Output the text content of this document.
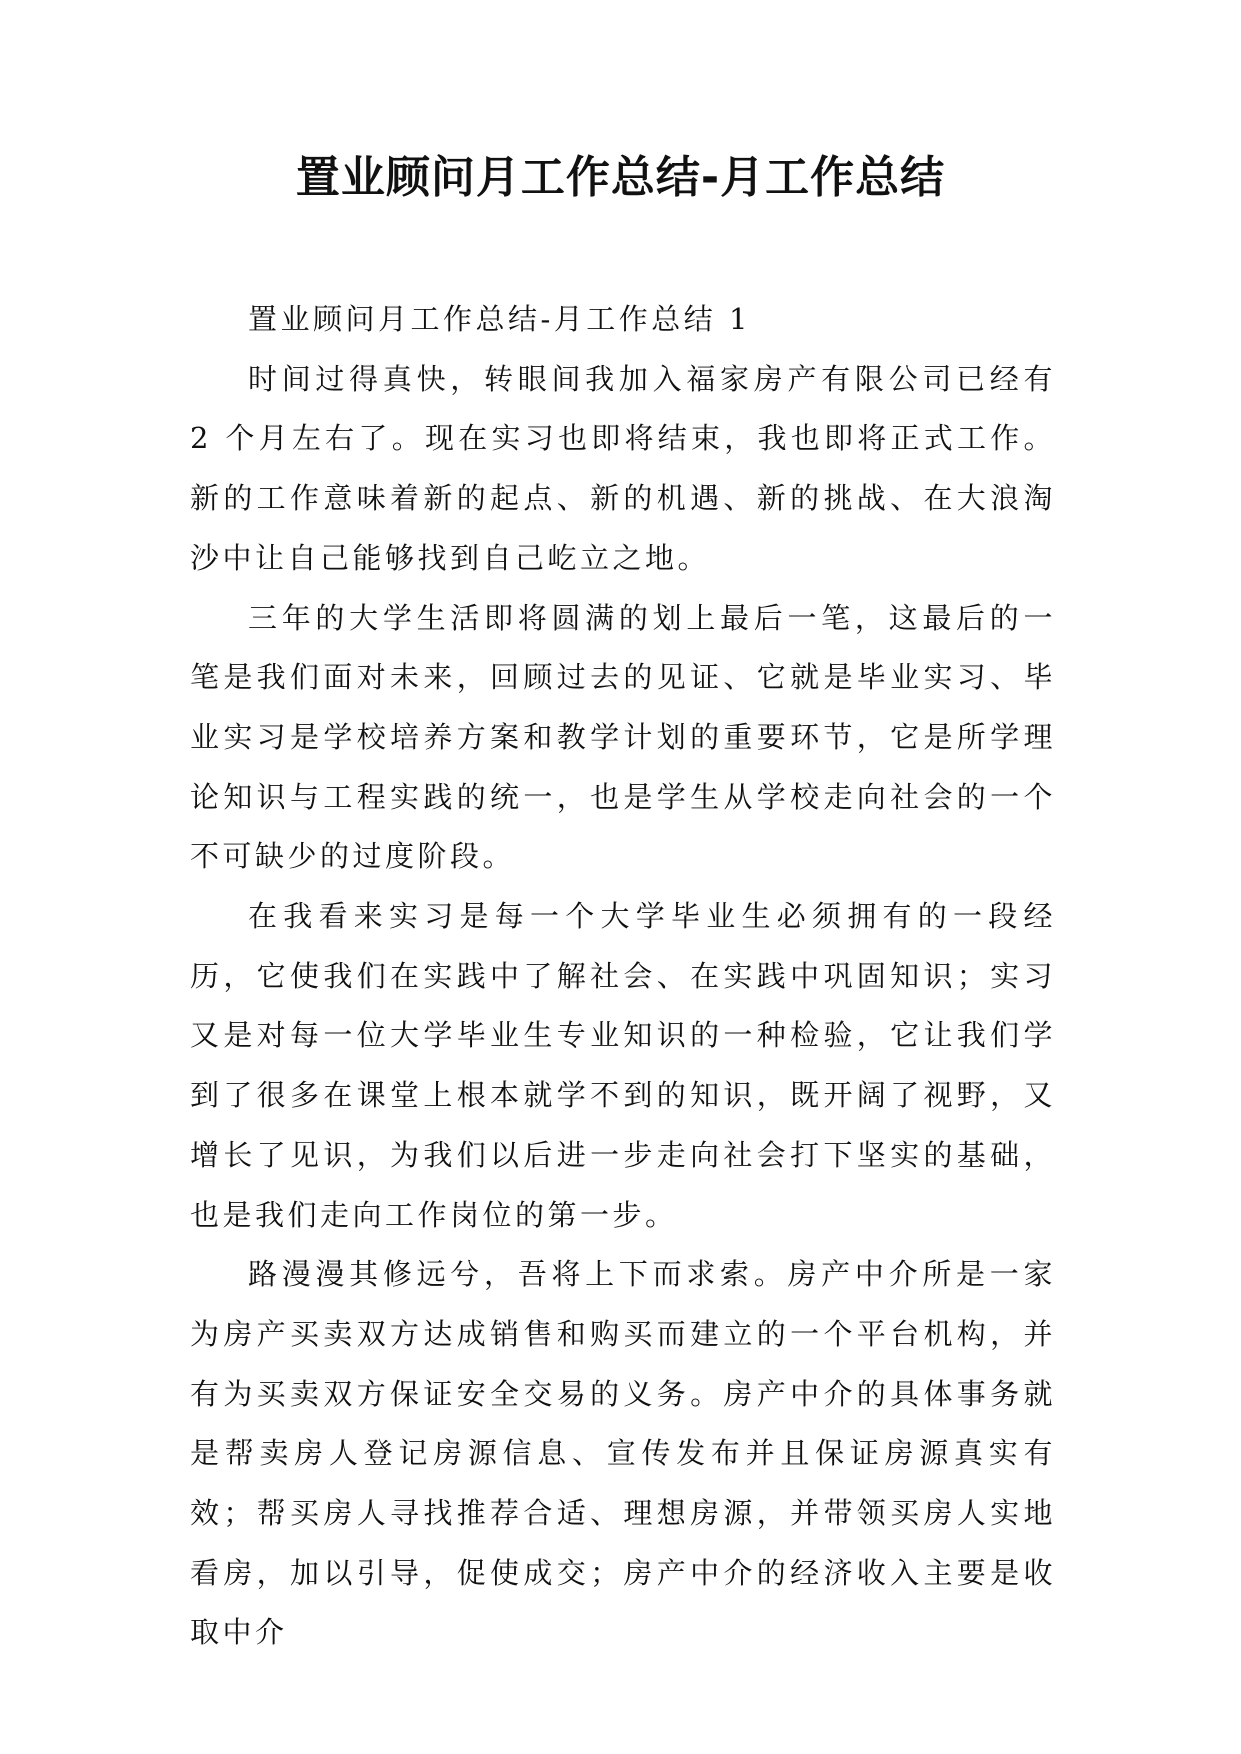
置业顾问月工作总结-月工作总结

置业顾问月工作总结-月工作总结 1

时间过得真快，转眼间我加入福家房产有限公司已经有 2 个月左右了。现在实习也即将结束，我也即将正式工作。新的工作意味着新的起点、新的机遇、新的挑战、在大浪淘沙中让自己能够找到自己屹立之地。

三年的大学生活即将圆满的划上最后一笔，这最后的一笔是我们面对未来，回顾过去的见证、它就是毕业实习、毕业实习是学校培养方案和教学计划的重要环节，它是所学理论知识与工程实践的统一，也是学生从学校走向社会的一个不可缺少的过度阶段。

在我看来实习是每一个大学毕业生必须拥有的一段经历，它使我们在实践中了解社会、在实践中巩固知识；实习又是对每一位大学毕业生专业知识的一种检验，它让我们学到了很多在课堂上根本就学不到的知识，既开阔了视野，又增长了见识，为我们以后进一步走向社会打下坚实的基础，也是我们走向工作岗位的第一步。

路漫漫其修远兮，吾将上下而求索。房产中介所是一家为房产买卖双方达成销售和购买而建立的一个平台机构，并有为买卖双方保证安全交易的义务。房产中介的具体事务就是帮卖房人登记房源信息、宣传发布并且保证房源真实有效；帮买房人寻找推荐合适、理想房源，并带领买房人实地看房，加以引导，促使成交；房产中介的经济收入主要是收取中介
